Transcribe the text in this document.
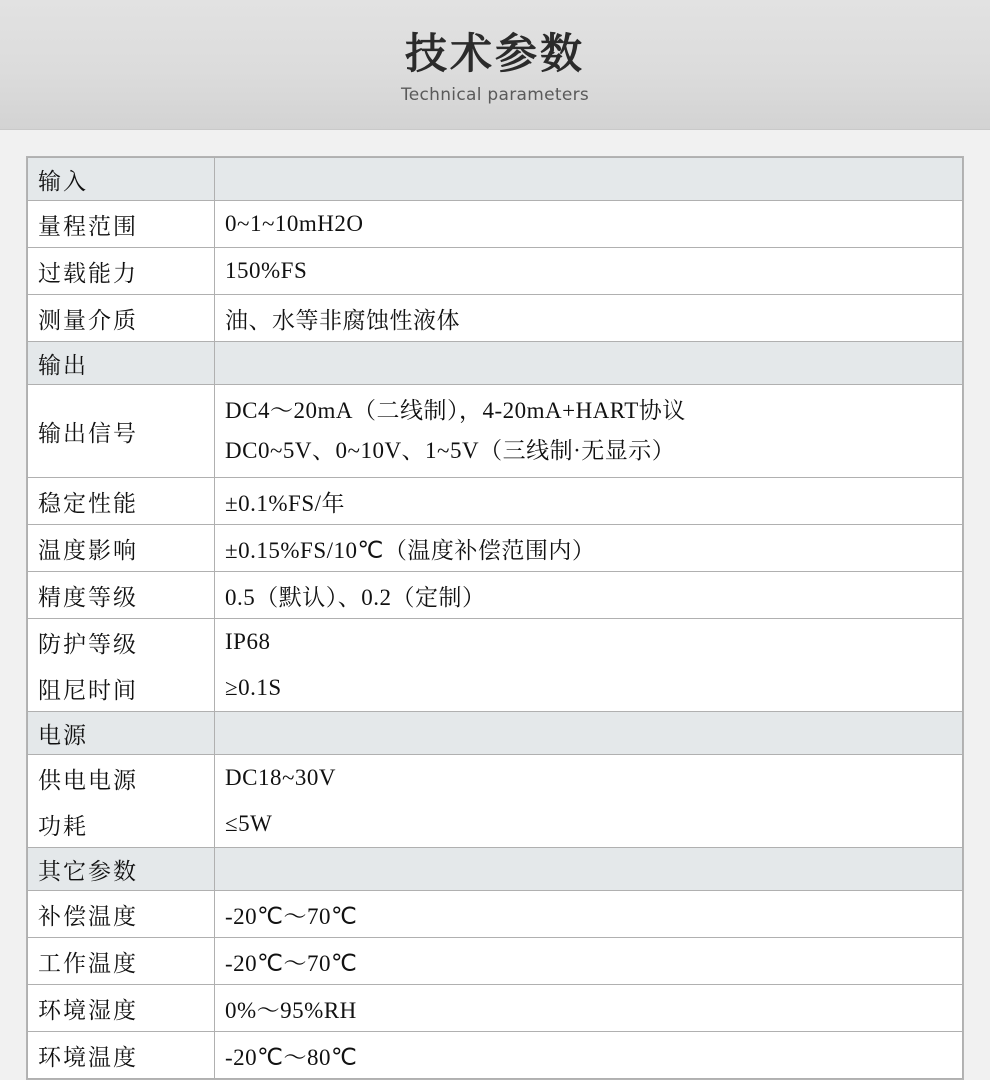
技术参数
Technical parameters
输入	
量程范围	0~1~10mH2O
过载能力	150%FS
测量介质	油、水等非腐蚀性液体
输出	
输出信号	DC4～20mA（二线制），4-20mA+HART协议
DC0~5V、0~10V、1~5V（三线制·无显示）

稳定性能	±0.1%FS/年
温度影响	±0.15%FS/10℃（温度补偿范围内）
精度等级	0.5（默认）、0.2（定制）
防护等级	IP68
阻尼时间	≥0.1S
电源	
供电电源	DC18~30V
功耗	≤5W
其它参数	
补偿温度	-20℃～70℃
工作温度	-20℃～70℃
环境湿度	0%～95%RH
环境温度	-20℃～80℃
